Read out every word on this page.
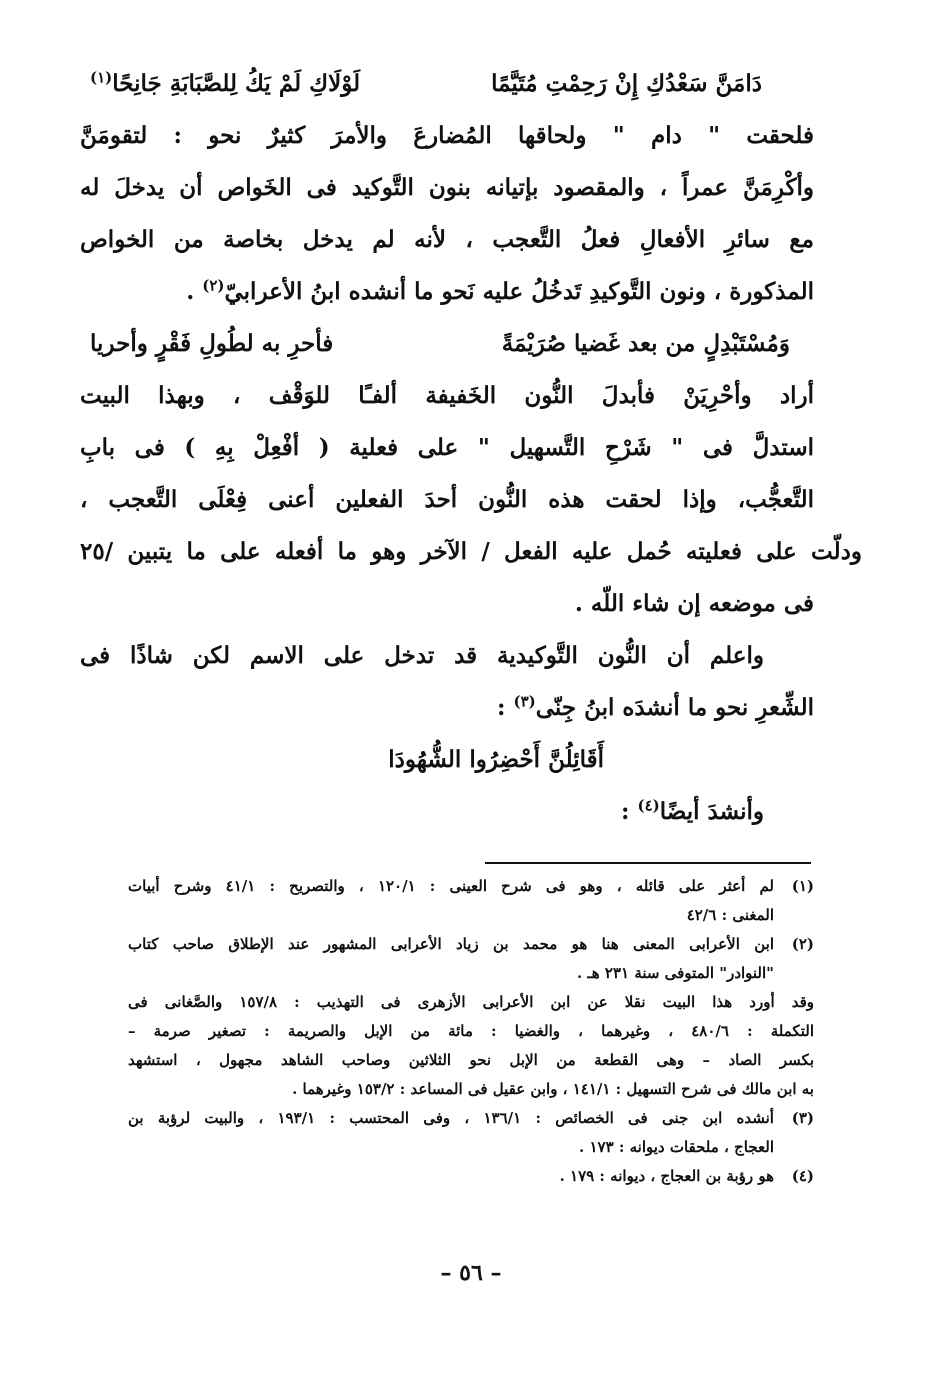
دَامَنَّ سَعْدُكِ إِنْ رَحِمْتِ مُتَيَّمًا
لَوْلَاكِ لَمْ يَكُ لِلصَّبَابَةِ جَانِحًا$^{(١)}$
فلحقت " دام " ولحاقها المُضارعَ والأمرَ كثيرٌ نحو : لتقومَنَّ
وأكْرِمَنَّ عمراً ، والمقصود بإتيانه بنون التَّوكيد فى الخَواص أن يدخلَ له
مع سائرِ الأفعالِ فعلُ التَّعجب ، لأنه لم يدخل بخاصة من الخواص
المذكورة ، ونون التَّوكيدِ تَدخُلُ عليه نَحو ما أنشده ابنُ الأعرابيّ$^{(٢)}$ .
وَمُسْتَبْدِلٍ من بعد غَضيا صُرَيْمَةً
فأحرِ به لطُولِ فَقْرٍ وأحريا
أراد وأحْرِيَنْ فأبدلَ النُّون الخَفيفة ألفـًا للوَقْف ، وبهذا البيت
استدلَّ فى " شَرْحِ التَّسهيل " على فعلية ( أفْعِلْ بِهِ ) فى بابِ
التَّعجُّب، وإذا لحقت هذه النُّون أحدَ الفعلين أعنى فِعْلَى التَّعجب ،
ودلّت على فعليته حُمل عليه الفعل / الآخر وهو ما أفعله على ما يتبين /٢٥
فى موضعه إن شاء اللّه .
واعلم أن النُّون التَّوكيدية قد تدخل على الاسم لكن شاذًا فى
الشِّعرِ نحو ما أنشدَه ابنُ جِنّى$^{(٣)}$ :
أَقَائِلُنَّ أَحْضِرُوا الشُّهُودَا
وأنشدَ أيضًا$^{(٤)}$ :
(١)
لم أعثر على قائله ، وهو فى شرح العينى : ١٢٠/١ ، والتصريح : ٤١/١ وشرح أبيات
المغنى : ٤٢/٦
(٢)
ابن الأعرابى المعنى هنا هو محمد بن زياد الأعرابى المشهور عند الإطلاق صاحب كتاب
"النوادر" المتوفى سنة ٢٣١ هـ .
وقد أورد هذا البيت نقلا عن ابن الأعرابى الأزهرى فى التهذيب : ١٥٧/٨ والصَّغانى فى
التكملة : ٤٨٠/٦ ، وغيرهما ، والغضيا : مائة من الإبل والصريمة : تصغير صرمة –
بكسر الصاد – وهى القطعة من الإبل نحو الثلاثين وصاحب الشاهد مجهول ، استشهد
به ابن مالك فى شرح التسهيل : ١٤١/١ ، وابن عقيل فى المساعد : ١٥٣/٢ وغيرهما .
(٣)
أنشده ابن جنى فى الخصائص : ١٣٦/١ ، وفى المحتسب : ١٩٣/١ ، والبيت لرؤبة بن
العجاج ، ملحقات ديوانه : ١٧٣ .
(٤)
هو رؤبة بن العجاج ، ديوانه : ١٧٩ .
– ٥٦ –
